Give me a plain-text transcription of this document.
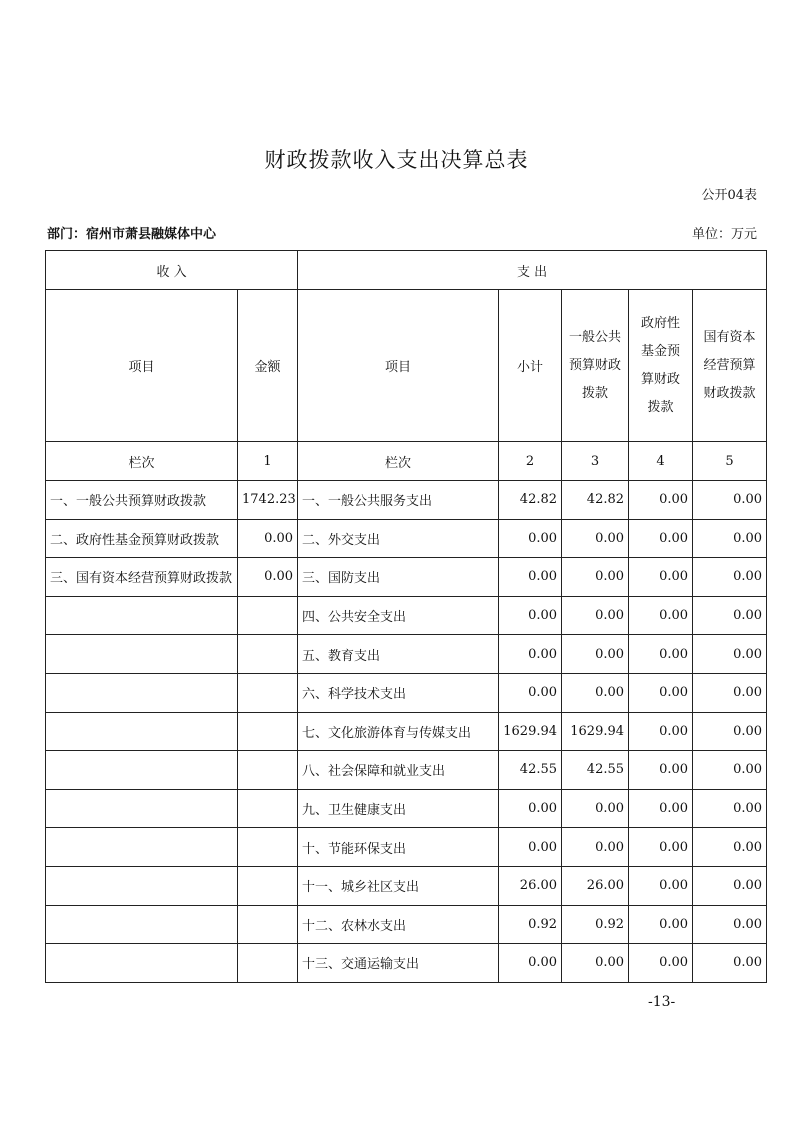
财政拨款收入支出决算总表
公开04表
部门：宿州市萧县融媒体中心	单位：万元
收 入		支 出				
项目	金额	项目	小计	一般公共预算财政拨款	政府性基金预算财政拨款	国有资本经营预算财政拨款
栏次	1	栏次	2	3	4	5
一、一般公共预算财政拨款	1742.23	一、一般公共服务支出	42.82	42.82	0.00	0.00
二、政府性基金预算财政拨款	0.00	二、外交支出	0.00	0.00	0.00	0.00
三、国有资本经营预算财政拨款	0.00	三、国防支出	0.00	0.00	0.00	0.00
		四、公共安全支出	0.00	0.00	0.00	0.00
		五、教育支出	0.00	0.00	0.00	0.00
		六、科学技术支出	0.00	0.00	0.00	0.00
		七、文化旅游体育与传媒支出	1629.94	1629.94	0.00	0.00
		八、社会保障和就业支出	42.55	42.55	0.00	0.00
		九、卫生健康支出	0.00	0.00	0.00	0.00
		十、节能环保支出	0.00	0.00	0.00	0.00
		十一、城乡社区支出	26.00	26.00	0.00	0.00
		十二、农林水支出	0.92	0.92	0.00	0.00
		十三、交通运输支出	0.00	0.00	0.00	0.00
-13-
